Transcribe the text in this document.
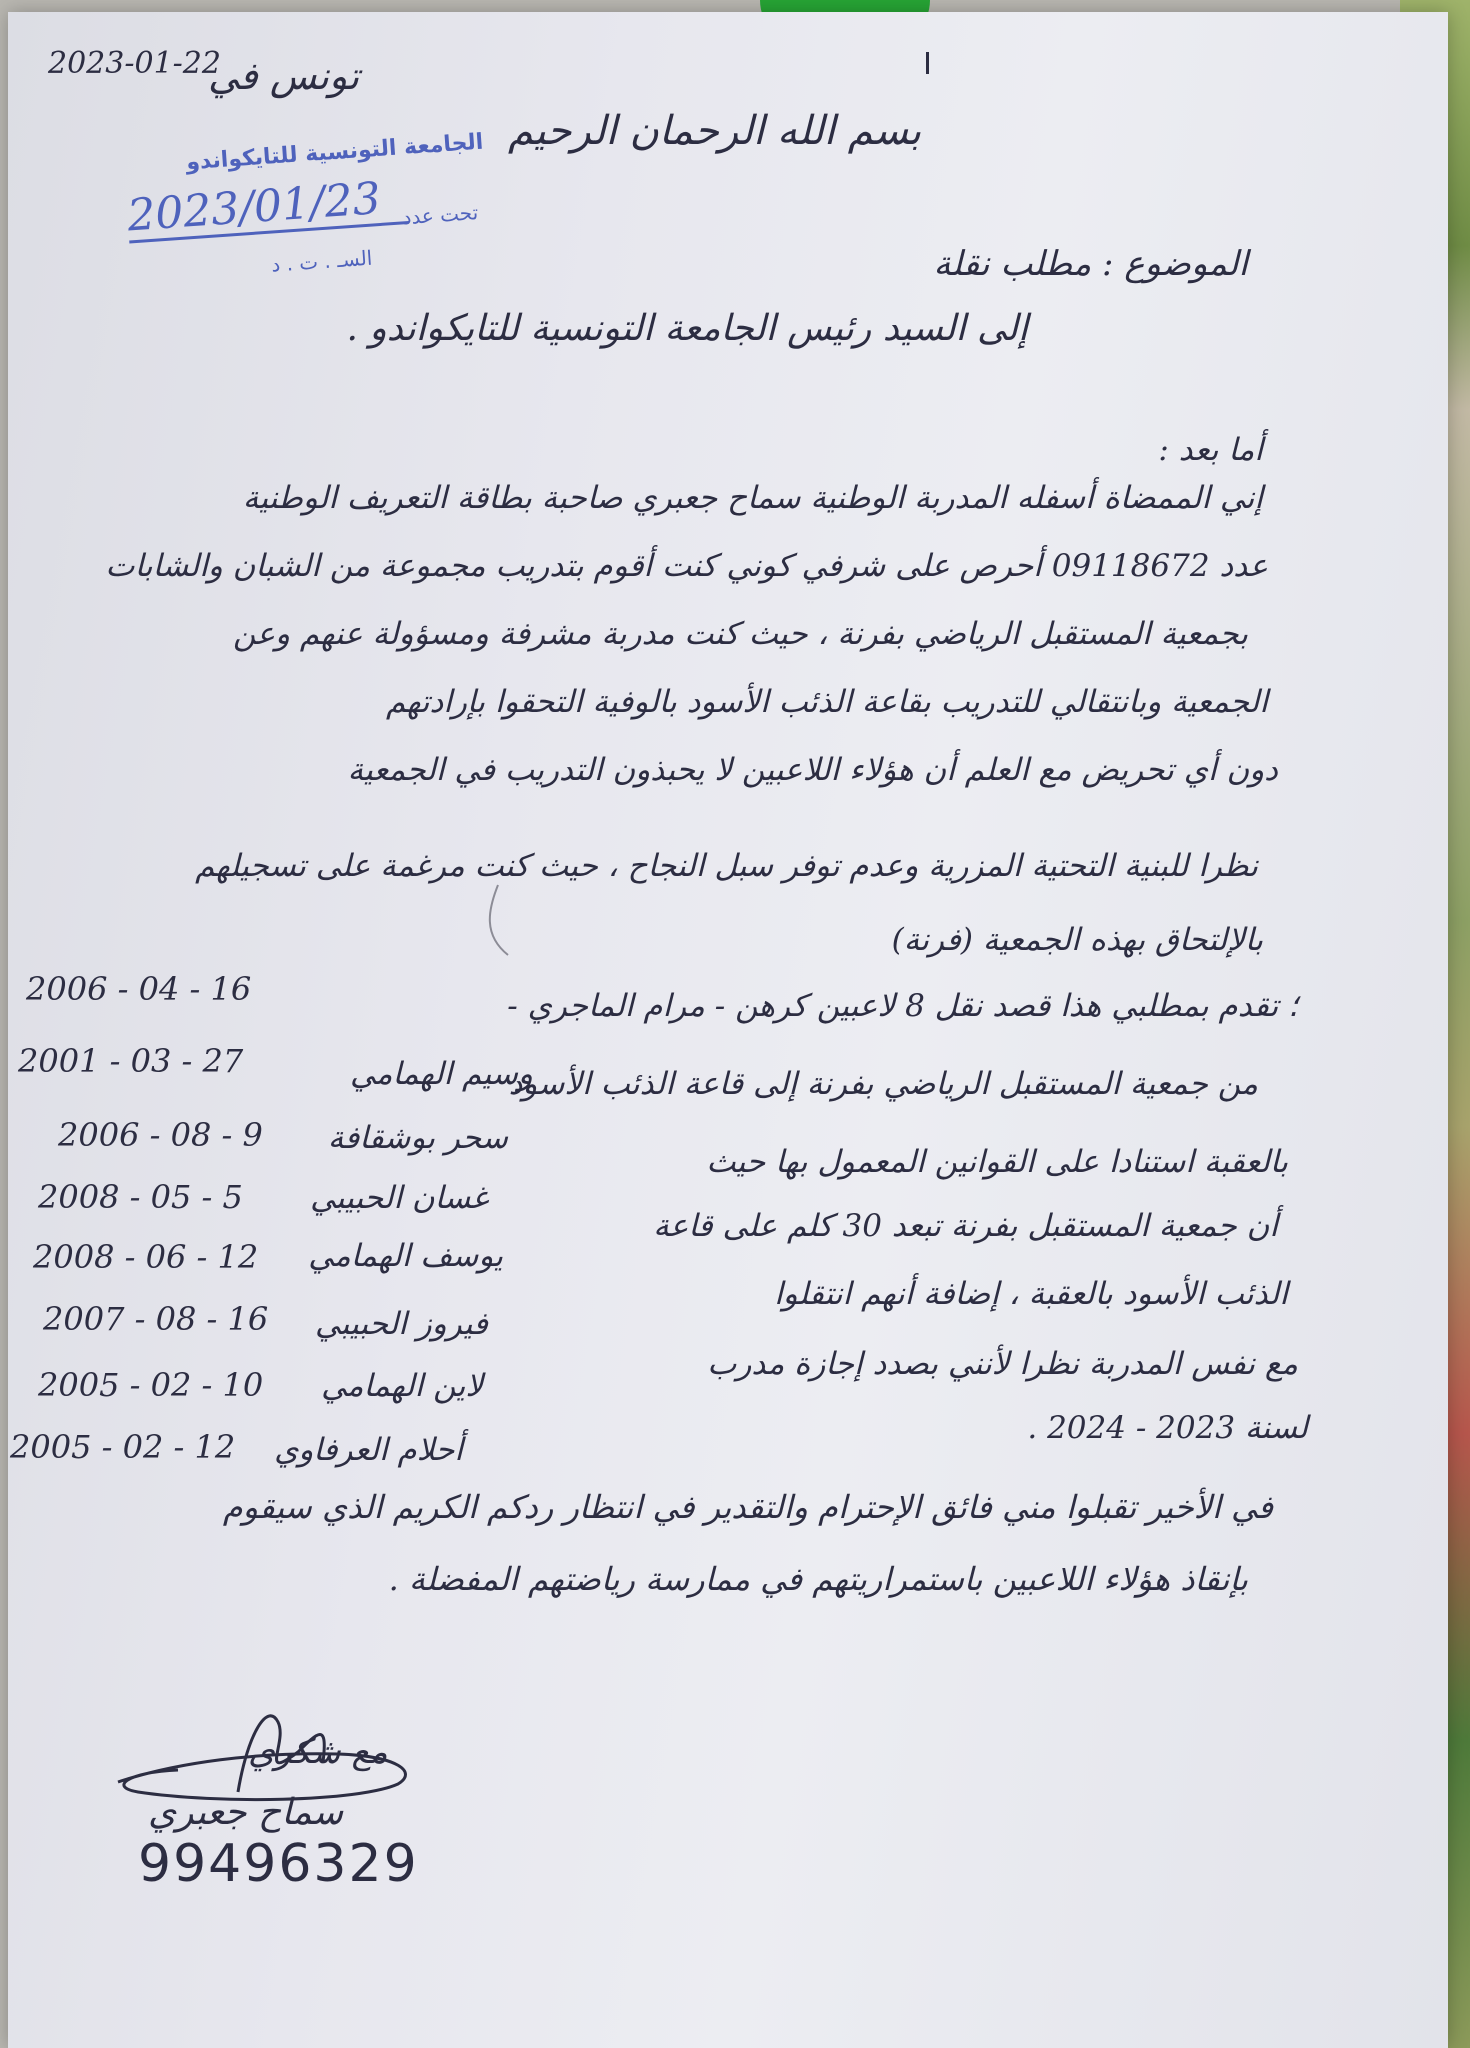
2023-01-22
تونس في
بسم الله الرحمان الرحيم
الجامعة التونسية للتايكواندو
2023/01/23 تحت عدد
السـ . ت . د	الموضوع : مطلب نقلة
إلى السيد رئيس الجامعة التونسية للتايكواندو .
أما بعد :
إني الممضاة أسفله المدربة الوطنية سماح جعبري صاحبة بطاقة التعريف الوطنية
عدد 09118672 أحرص على شرفي كوني كنت أقوم بتدريب مجموعة من الشبان والشابات
بجمعية المستقبل الرياضي بفرنة ، حيث كنت مدربة مشرفة ومسؤولة عنهم وعن
الجمعية وبانتقالي للتدريب بقاعة الذئب الأسود بالوفية التحقوا بإرادتهم
دون أي تحريض مع العلم أن هؤلاء اللاعبين لا يحبذون التدريب في الجمعية
نظرا للبنية التحتية المزرية وعدم توفر سبل النجاح ، حيث كنت مرغمة على تسجيلهم
بالإلتحاق بهذه الجمعية (فرنة)
؛ تقدم بمطلبي هذا قصد نقل 8 لاعبين كرهن - مرام الماجري -
2006 - 04 - 16
2001 - 03 - 27	وسيم الهمامي
من جمعية المستقبل الرياضي بفرنة إلى قاعة الذئب الأسود
2006 - 08 - 9 سحر بوشقافة
بالعقبة استنادا على القوانين المعمول بها حيث
2008 - 05 - 5 غسان الحبيبي
أن جمعية المستقبل بفرنة تبعد 30 كلم على قاعة
2008 - 06 - 12 يوسف الهمامي
الذئب الأسود بالعقبة ، إضافة أنهم انتقلوا
2007 - 08 - 16 فيروز الحبيبي
مع نفس المدربة نظرا لأنني بصدد إجازة مدرب
2005 - 02 - 10 لاين الهمامي
لسنة 2023 - 2024 .
2005 - 02 - 12 أحلام العرفاوي
في الأخير تقبلوا مني فائق الإحترام والتقدير في انتظار ردكم الكريم الذي سيقوم
بإنقاذ هؤلاء اللاعبين باستمراريتهم في ممارسة رياضتهم المفضلة .
مع شكري
سماح جعبري
99496329
